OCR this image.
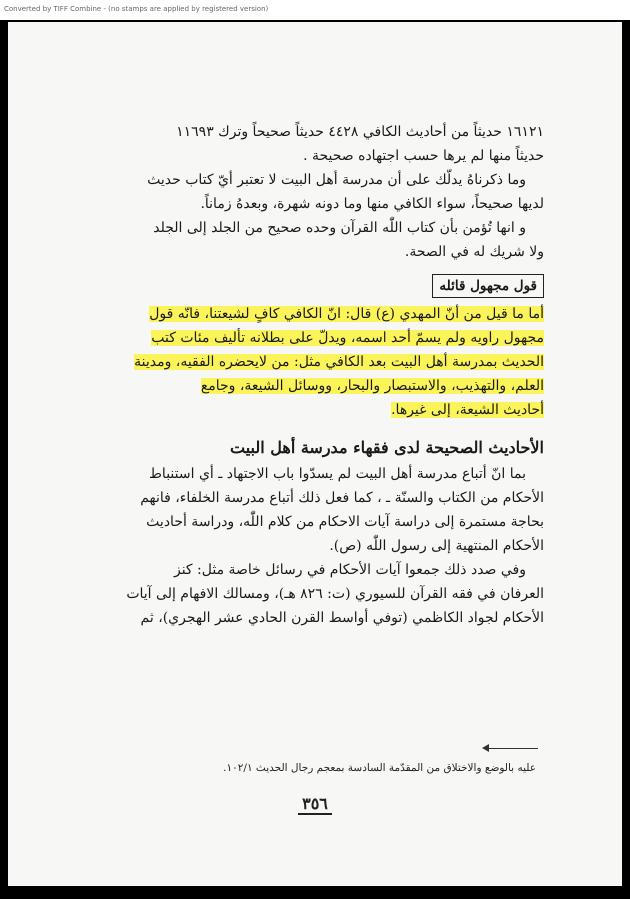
Converted by TIFF Combine - (no stamps are applied by registered version)
١٦١٢١ حديثاً من أحاديث الكافي ٤٤٢٨ حديثاً صحيحاً وترك ١١٦٩٣
حديثاً منها لم يرها حسب اجتهاده صحيحة .
وما ذكرناهُ يدلّك على أن مدرسة أهل البيت لا تعتبر أيّ كتاب حديث
لديها صحيحاً، سواء الكافي منها وما دونه شهرة، وبعدهُ زماناً.
و انها تُؤمن بأن كتاب اللّٰه القرآن وحده صحيح من الجلد إلى الجلد
ولا شريك له في الصحة.
قول مجهول قائله
أما ما قيل من أنّ المهدي (ع) قال: انّ الكافي كافٍ لشيعتنا، فانّه قول
مجهول راويه ولم يسمّ أحد اسمه، ويدلّ على بطلانه تأليف مئات كتب
الحديث بمدرسة أهل البيت بعد الكافي مثل: من لايحضره الفقيه، ومدينة
العلم، والتهذيب، والاستبصار والبحار، ووسائل الشيعة، وجامع
أحاديث الشيعة، إلى غيرها.
الأحاديث الصحيحة لدى فقهاء مدرسة أهل البيت
بما انّ أتباع مدرسة أهل البيت لم يسدّوا باب الاجتهاد ـ أي استنباط
الأحكام من الكتاب والسنّة ـ ، كما فعل ذلك أتباع مدرسة الخلفاء، فانهم
بحاجة مستمرة إلى دراسة آيات الاحكام من كلام اللّٰه، ودراسة أحاديث
الأحكام المنتهية إلى رسول اللّٰه (ص).
وفي صدد ذلك جمعوا آيات الأحكام في رسائل خاصة مثل: كنز
العرفان في فقه القرآن للسيوري (ت: ٨٢٦ هـ)، ومسالك الافهام إلى آيات
الأحكام لجواد الكاظمي (توفي أواسط القرن الحادي عشر الهجري)، ثم
عليه بالوضع والاختلاق من المقدّمة السادسة بمعجم رجال الحديث ١٠٢/١.
٣٥٦
